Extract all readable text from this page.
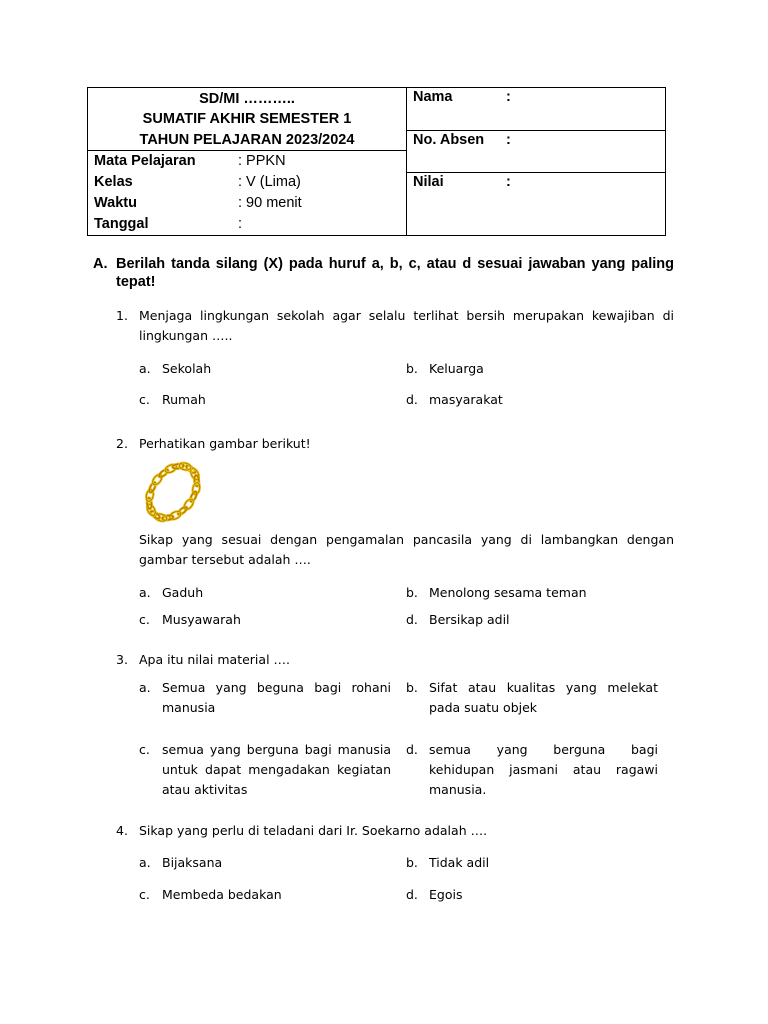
SD/MI ………..
SUMATIF AKHIR SEMESTER 1
TAHUN PELAJARAN 2023/2024
Mata Pelajaran	: PPKN
Kelas	: V (Lima)
Waktu	: 90 menit
Tanggal	:
Nama	:
No. Absen :
Nilai	:
A. Berilah tanda silang (X) pada huruf a, b, c, atau d sesuai jawaban yang paling tepat!
1. Menjaga lingkungan sekolah agar selalu terlihat bersih merupakan kewajiban di lingkungan …..
a. Sekolah	b. Keluarga
c. Rumah	d. masyarakat
2. Perhatikan gambar berikut!
Sikap yang sesuai dengan pengamalan pancasila yang di lambangkan dengan gambar tersebut adalah ….
a. Gaduh	b. Menolong sesama teman
c. Musyawarah	d. Bersikap adil
3. Apa itu nilai material ….
a. Semua yang beguna bagi rohani manusia
b. Sifat atau kualitas yang melekat pada suatu objek
c. semua yang berguna bagi manusia untuk dapat mengadakan kegiatan atau aktivitas
d. semua yang berguna bagi kehidupan jasmani atau ragawi manusia.
4. Sikap yang perlu di teladani dari Ir. Soekarno adalah ….
a. Bijaksana	b. Tidak adil
c. Membeda bedakan	d. Egois
